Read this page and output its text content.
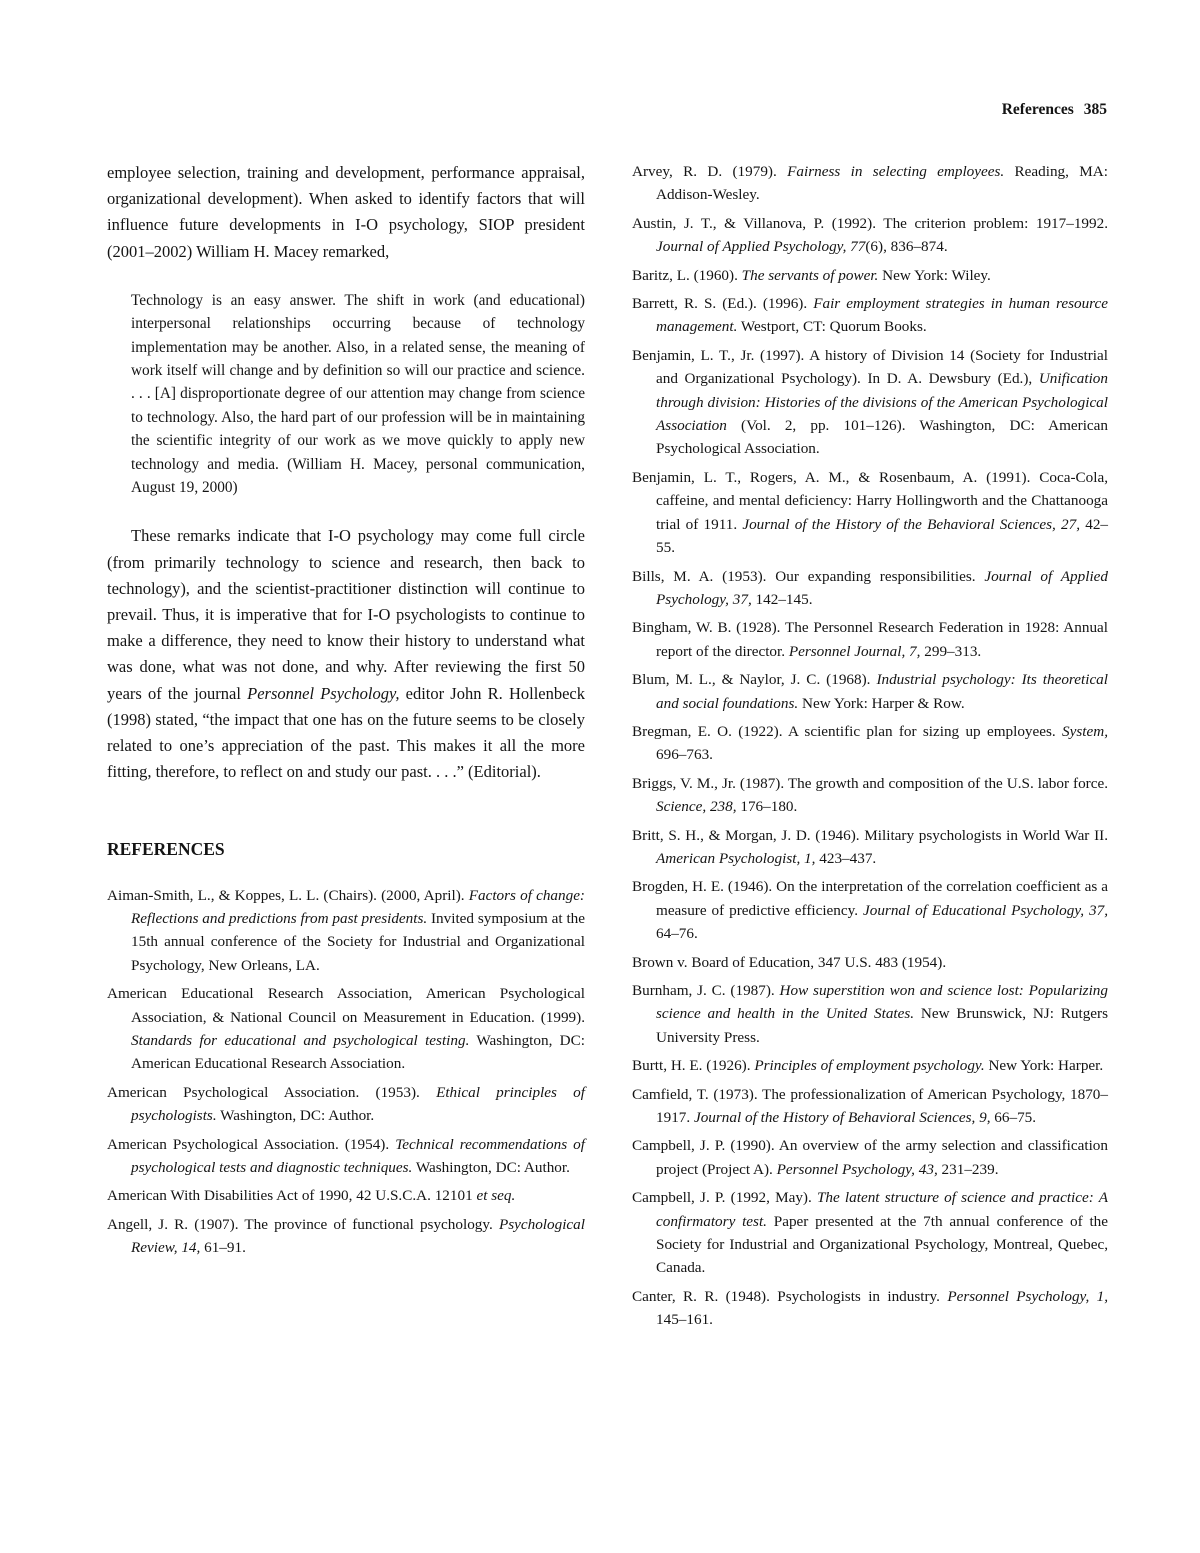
References 385

employee selection, training and development, performance appraisal, organizational development). When asked to identify factors that will influence future developments in I-O psychology, SIOP president (2001–2002) William H. Macey remarked,

Technology is an easy answer. The shift in work (and educational) interpersonal relationships occurring because of technology implementation may be another. Also, in a related sense, the meaning of work itself will change and by definition so will our practice and science. . . . [A] disproportionate degree of our attention may change from science to technology. Also, the hard part of our profession will be in maintaining the scientific integrity of our work as we move quickly to apply new technology and media. (William H. Macey, personal communication, August 19, 2000)

These remarks indicate that I-O psychology may come full circle (from primarily technology to science and research, then back to technology), and the scientist-practitioner distinction will continue to prevail. Thus, it is imperative that for I-O psychologists to continue to make a difference, they need to know their history to understand what was done, what was not done, and why. After reviewing the first 50 years of the journal Personnel Psychology, editor John R. Hollenbeck (1998) stated, “the impact that one has on the future seems to be closely related to one’s appreciation of the past. This makes it all the more fitting, therefore, to reflect on and study our past. . . .” (Editorial).

REFERENCES

Aiman-Smith, L., & Koppes, L. L. (Chairs). (2000, April). Factors of change: Reflections and predictions from past presidents. Invited symposium at the 15th annual conference of the Society for Industrial and Organizational Psychology, New Orleans, LA.

American Educational Research Association, American Psychological Association, & National Council on Measurement in Education. (1999). Standards for educational and psychological testing. Washington, DC: American Educational Research Association.

American Psychological Association. (1953). Ethical principles of psychologists. Washington, DC: Author.

American Psychological Association. (1954). Technical recommendations of psychological tests and diagnostic techniques. Washington, DC: Author.

American With Disabilities Act of 1990, 42 U.S.C.A. 12101 et seq.

Angell, J. R. (1907). The province of functional psychology. Psychological Review, 14, 61–91.

Arvey, R. D. (1979). Fairness in selecting employees. Reading, MA: Addison-Wesley.

Austin, J. T., & Villanova, P. (1992). The criterion problem: 1917–1992. Journal of Applied Psychology, 77(6), 836–874.

Baritz, L. (1960). The servants of power. New York: Wiley.

Barrett, R. S. (Ed.). (1996). Fair employment strategies in human resource management. Westport, CT: Quorum Books.

Benjamin, L. T., Jr. (1997). A history of Division 14 (Society for Industrial and Organizational Psychology). In D. A. Dewsbury (Ed.), Unification through division: Histories of the divisions of the American Psychological Association (Vol. 2, pp. 101–126). Washington, DC: American Psychological Association.

Benjamin, L. T., Rogers, A. M., & Rosenbaum, A. (1991). Coca-Cola, caffeine, and mental deficiency: Harry Hollingworth and the Chattanooga trial of 1911. Journal of the History of the Behavioral Sciences, 27, 42–55.

Bills, M. A. (1953). Our expanding responsibilities. Journal of Applied Psychology, 37, 142–145.

Bingham, W. B. (1928). The Personnel Research Federation in 1928: Annual report of the director. Personnel Journal, 7, 299–313.

Blum, M. L., & Naylor, J. C. (1968). Industrial psychology: Its theoretical and social foundations. New York: Harper & Row.

Bregman, E. O. (1922). A scientific plan for sizing up employees. System, 696–763.

Briggs, V. M., Jr. (1987). The growth and composition of the U.S. labor force. Science, 238, 176–180.

Britt, S. H., & Morgan, J. D. (1946). Military psychologists in World War II. American Psychologist, 1, 423–437.

Brogden, H. E. (1946). On the interpretation of the correlation coefficient as a measure of predictive efficiency. Journal of Educational Psychology, 37, 64–76.

Brown v. Board of Education, 347 U.S. 483 (1954).

Burnham, J. C. (1987). How superstition won and science lost: Popularizing science and health in the United States. New Brunswick, NJ: Rutgers University Press.

Burtt, H. E. (1926). Principles of employment psychology. New York: Harper.

Camfield, T. (1973). The professionalization of American Psychology, 1870–1917. Journal of the History of Behavioral Sciences, 9, 66–75.

Campbell, J. P. (1990). An overview of the army selection and classification project (Project A). Personnel Psychology, 43, 231–239.

Campbell, J. P. (1992, May). The latent structure of science and practice: A confirmatory test. Paper presented at the 7th annual conference of the Society for Industrial and Organizational Psychology, Montreal, Quebec, Canada.

Canter, R. R. (1948). Psychologists in industry. Personnel Psychology, 1, 145–161.
